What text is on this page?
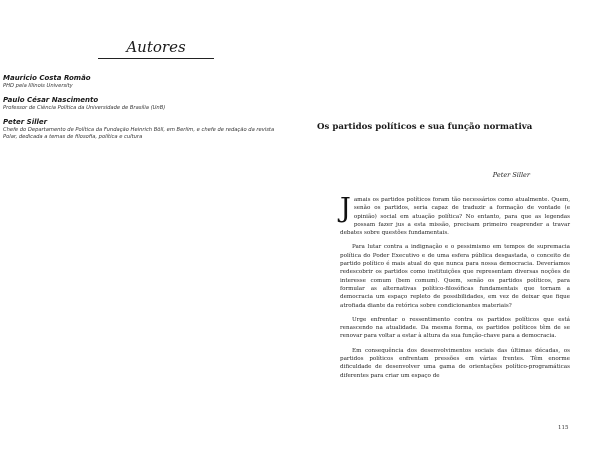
Autores
Mauricio Costa Romão
PHD pela Illinois University
Paulo César Nascimento
Professor de Ciência Política da Universidade de Brasília (UnB)
Peter Siller
Chefe do Departamento de Política da Fundação Heinrich Böll, em Berlim, e chefe de redação da revista Polar, dedicada a temas de filosofia, política e cultura
Os partidos políticos e sua função normativa
Peter Siller

Jamais os partidos políticos foram tão necessários como atualmente. Quem, senão os partidos, seria capaz de traduzir a formação de vontade (e opinião) social em atuação política? No entanto, para que as legendas possam fazer jus a esta missão, precisam primeiro reaprender a travar debates sobre questões fundamentais.

Para lutar contra a indignação e o pessimismo em tempos de supremacia política do Poder Executivo e de uma esfera pública desgastada, o conceito de partido político é mais atual do que nunca para nossa democracia. Deveríamos redescobrir os partidos como instituições que representam diversas noções de interesse comum (bem comum). Quem, senão os partidos políticos, para formular as alternativas político-filosóficas fundamentais que tornam a democracia um espaço repleto de possibilidades, em vez de deixar que fique atrofiada diante da retórica sobre condicionantes materiais?

Urge enfrentar o ressentimento contra os partidos políticos que está renascendo na atualidade. Da mesma forma, os partidos políticos têm de se renovar para voltar a estar à altura da sua função-chave para a democracia.

Em consequência dos desenvolvimentos sociais das últimas décadas, os partidos políticos enfrentam pressões em várias frentes. Têm enorme dificuldade de desenvolver uma gama de orientações político-programáticas diferentes para criar um espaço de

115
